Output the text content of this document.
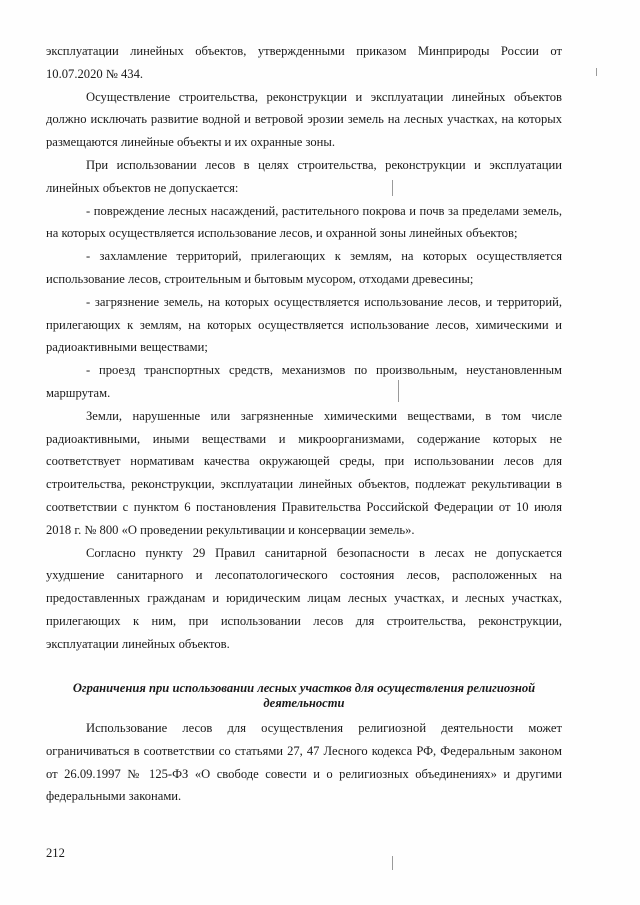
эксплуатации линейных объектов, утвержденными приказом Минприроды России от 10.07.2020 № 434.

Осуществление строительства, реконструкции и эксплуатации линейных объектов должно исключать развитие водной и ветровой эрозии земель на лесных участках, на которых размещаются линейные объекты и их охранные зоны.

При использовании лесов в целях строительства, реконструкции и эксплуатации линейных объектов не допускается:

- повреждение лесных насаждений, растительного покрова и почв за пределами земель, на которых осуществляется использование лесов, и охранной зоны линейных объектов;

- захламление территорий, прилегающих к землям, на которых осуществляется использование лесов, строительным и бытовым мусором, отходами древесины;

- загрязнение земель, на которых осуществляется использование лесов, и территорий, прилегающих к землям, на которых осуществляется использование лесов, химическими и радиоактивными веществами;

- проезд транспортных средств, механизмов по произвольным, неустановленным маршрутам.

Земли, нарушенные или загрязненные химическими веществами, в том числе радиоактивными, иными веществами и микроорганизмами, содержание которых не соответствует нормативам качества окружающей среды, при использовании лесов для строительства, реконструкции, эксплуатации линейных объектов, подлежат рекультивации в соответствии с пунктом 6 постановления Правительства Российской Федерации от 10 июля 2018 г. № 800 «О проведении рекультивации и консервации земель».

Согласно пункту 29 Правил санитарной безопасности в лесах не допускается ухудшение санитарного и лесопатологического состояния лесов, расположенных на предоставленных гражданам и юридическим лицам лесных участках, и лесных участках, прилегающих к ним, при использовании лесов для строительства, реконструкции, эксплуатации линейных объектов.

Ограничения при использовании лесных участков для осуществления религиозной деятельности

Использование лесов для осуществления религиозной деятельности может ограничиваться в соответствии со статьями 27, 47 Лесного кодекса РФ, Федеральным законом от 26.09.1997 № 125-ФЗ «О свободе совести и о религиозных объединениях» и другими федеральными законами.

212
